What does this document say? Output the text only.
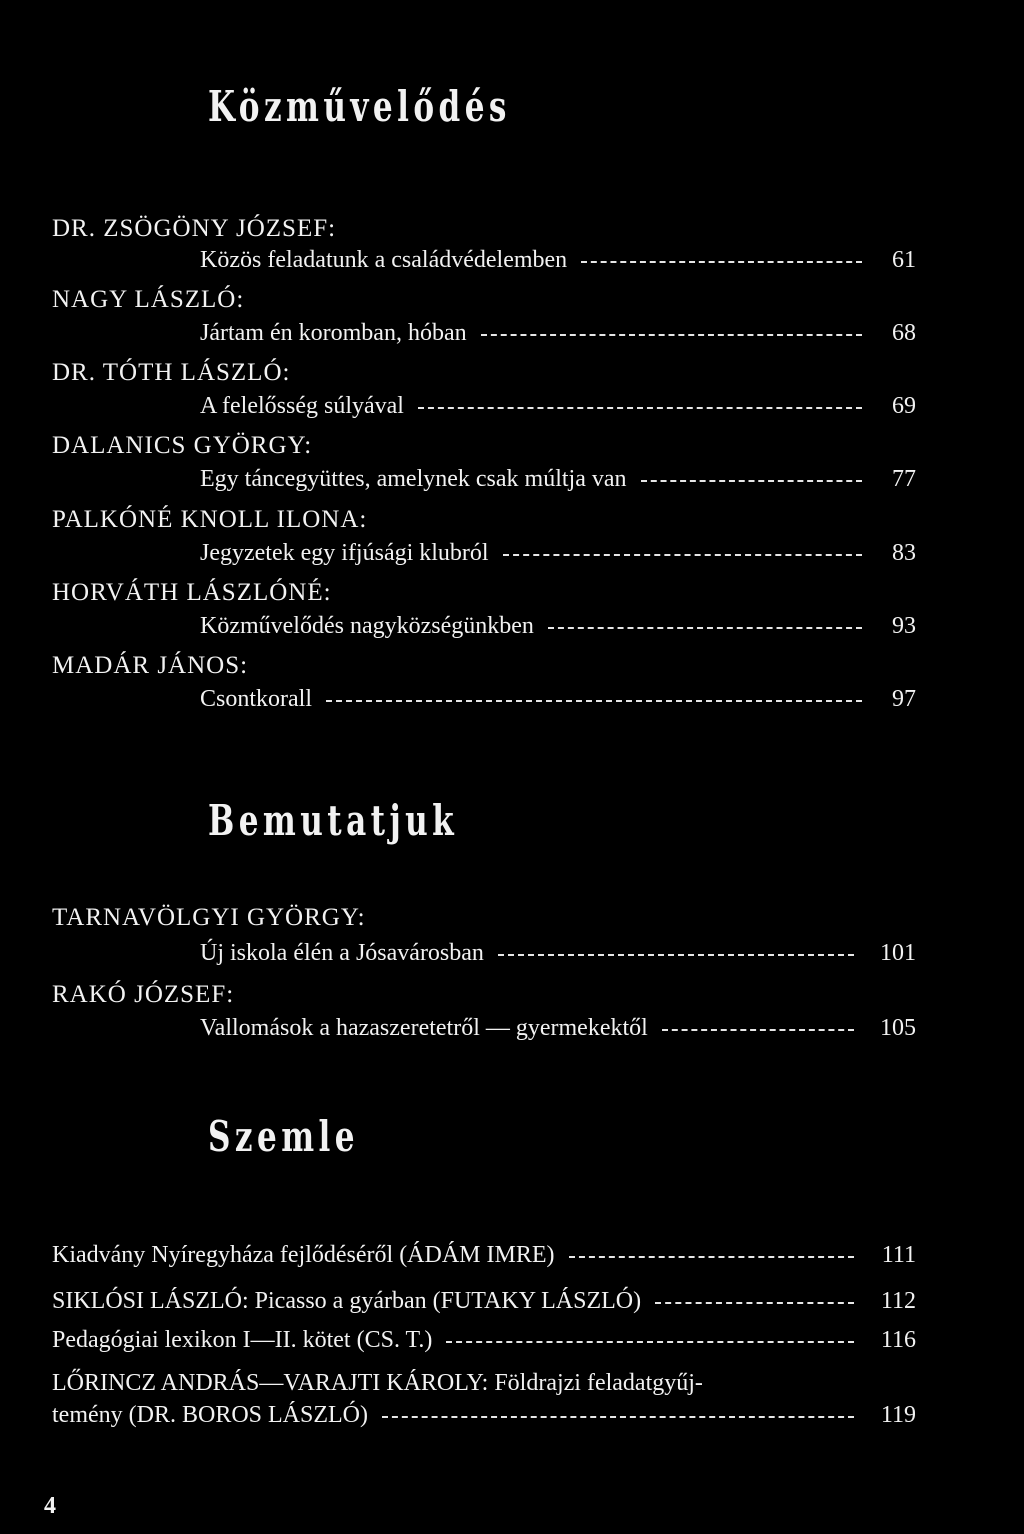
Közművelődés
DR. ZSÖGÖNY JÓZSEF:
Közös feladatunk a családvédelemben	61
NAGY LÁSZLÓ:
Jártam én koromban, hóban	68
DR. TÓTH LÁSZLÓ:
A felelősség súlyával	69
DALANICS GYÖRGY:
Egy táncegyüttes, amelynek csak múltja van	77
PALKÓNÉ KNOLL ILONA:
Jegyzetek egy ifjúsági klubról	83
HORVÁTH LÁSZLÓNÉ:
Közművelődés nagyközségünkben	93
MADÁR JÁNOS:
Csontkorall	97
Bemutatjuk
TARNAVÖLGYI GYÖRGY:
Új iskola élén a Jósavárosban	101
RAKÓ JÓZSEF:
Vallomások a hazaszeretetről — gyermekektől	105
Szemle
Kiadvány Nyíregyháza fejlődéséről (ÁDÁM IMRE)	111
SIKLÓSI LÁSZLÓ: Picasso a gyárban (FUTAKY LÁSZLÓ)	112
Pedagógiai lexikon I—II. kötet (CS. T.)	116
LŐRINCZ ANDRÁS—VARAJTI KÁROLY: Földrajzi feladatgyűj-
temény (DR. BOROS LÁSZLÓ)	119
4
